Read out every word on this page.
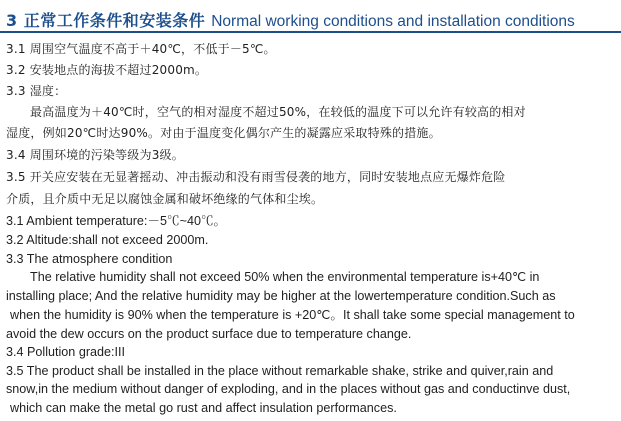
3 正常工作条件和安装条件 Normal working conditions and installation conditions
3.1 周围空气温度不高于＋40℃，不低于－5℃。
3.2 安装地点的海拔不超过2000m。
3.3 湿度：
最高温度为＋40℃时，空气的相对湿度不超过50%，在较低的温度下可以允许有较高的相对
湿度，例如20℃时达90%。对由于温度变化偶尔产生的凝露应采取特殊的措施。
3.4 周围环境的污染等级为3级。
3.5 开关应安装在无显著摇动、冲击振动和没有雨雪侵袭的地方，同时安装地点应无爆炸危险
介质，且介质中无足以腐蚀金属和破坏绝缘的气体和尘埃。
3.1 Ambient temperature:－5℃~40℃。
3.2 Altitude:shall not exceed 2000m.
3.3 The atmosphere condition
The relative humidity shall not exceed 50% when the environmental temperature is+40℃ in
installing place; And the relative humidity may be higher at the lowertemperature condition.Such as
when the humidity is 90% when the temperature is +20℃。It shall take some special management to
avoid the dew occurs on the product surface due to temperature change.
3.4 Pollution grade:III
3.5 The product shall be installed in the place without remarkable shake, strike and quiver,rain and
snow,in the medium without danger of exploding, and in the places without gas and conductinve dust,
which can make the metal go rust and affect insulation performances.
